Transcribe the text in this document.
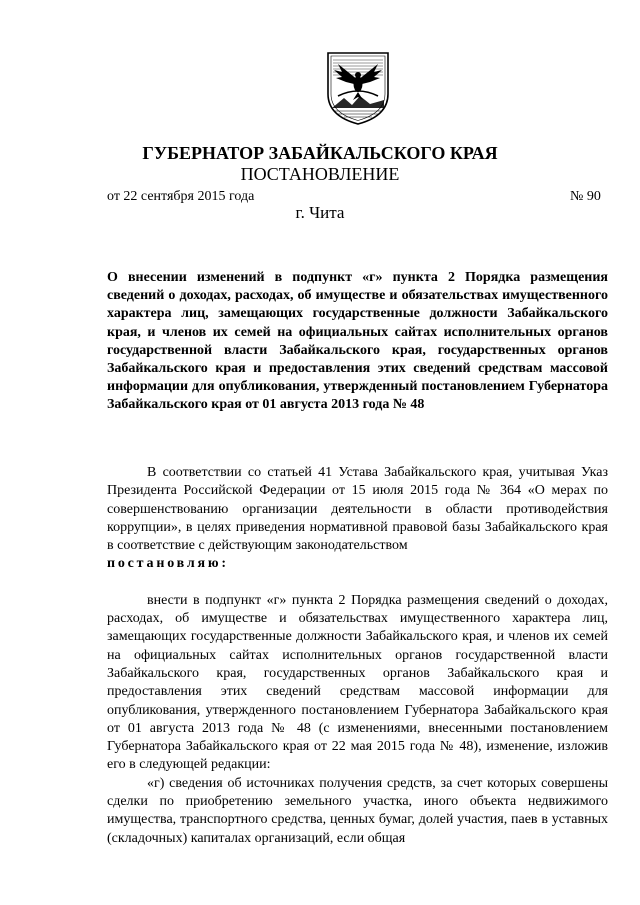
ГУБЕРНАТОР ЗАБАЙКАЛЬСКОГО КРАЯ
ПОСТАНОВЛЕНИЕ
от 22 сентября 2015 года	№ 90
г. Чита
О внесении изменений в подпункт «г» пункта 2 Порядка размещения сведений о доходах, расходах, об имуществе и обязательствах имущественного характера лиц, замещающих государственные должности Забайкальского края, и членов их семей на официальных сайтах исполнительных органов государственной власти Забайкальского края, государственных органов Забайкальского края и предоставления этих сведений средствам массовой информации для опубликования, утвержденный постановлением Губернатора Забайкальского края от 01 августа 2013 года № 48

В соответствии со статьей 41 Устава Забайкальского края, учитывая Указ Президента Российской Федерации от 15 июля 2015 года № 364 «О мерах по совершенствованию организации деятельности в области противодействия коррупции», в целях приведения нормативной правовой базы Забайкальского края в соответствие с действующим законодательством

постановляю:

внести в подпункт «г» пункта 2 Порядка размещения сведений о доходах, расходах, об имуществе и обязательствах имущественного характера лиц, замещающих государственные должности Забайкальского края, и членов их семей на официальных сайтах исполнительных органов государственной власти Забайкальского края, государственных органов Забайкальского края и предоставления этих сведений средствам массовой информации для опубликования, утвержденного постановлением Губернатора Забайкальского края от 01 августа 2013 года № 48 (с изменениями, внесенными постановлением Губернатора Забайкальского края от 22 мая 2015 года № 48), изменение, изложив его в следующей редакции:

«г) сведения об источниках получения средств, за счет которых совершены сделки по приобретению земельного участка, иного объекта недвижимого имущества, транспортного средства, ценных бумаг, долей участия, паев в уставных (складочных) капиталах организаций, если общая
